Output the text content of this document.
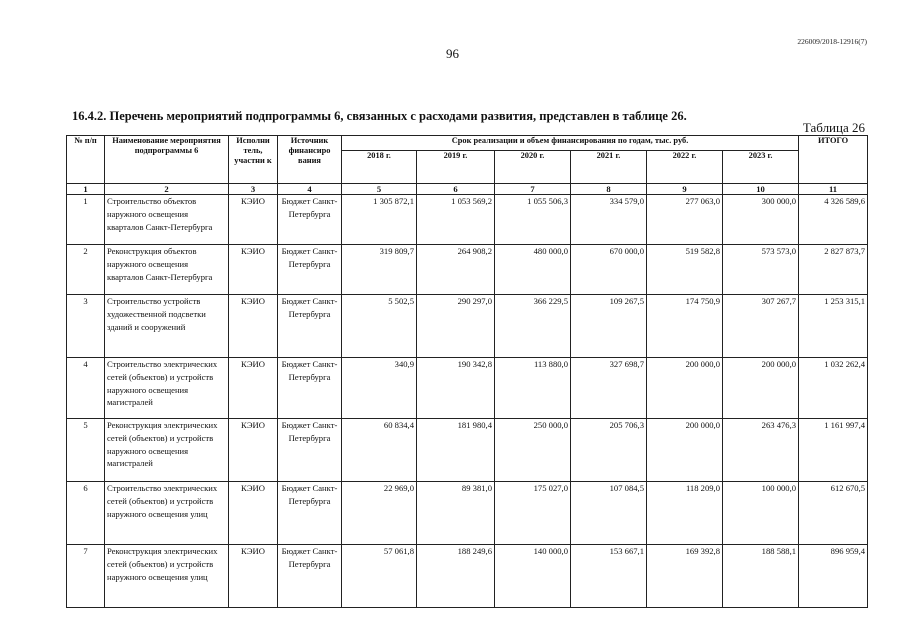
226009/2018-12916(7)
96
16.4.2. Перечень мероприятий подпрограммы 6, связанных с расходами развития, представлен в таблице 26.
Таблица 26
№ п/п	Наименование мероприятия подпрограммы 6	Исполни тель, участни к	Источник финансиро вания	Срок реализации и объем финансирования по годам, тыс. руб.						ИТОГО
				2018 г.	2019 г.	2020 г.	2021 г.	2022 г.	2023 г.	
1	2	3	4	5	6	7	8	9	10	11
1	Строительство объектов наружного освещения кварталов Санкт-Петербурга	КЭИО	Бюджет Санкт-Петербурга	1 305 872,1	1 053 569,2	1 055 506,3	334 579,0	277 063,0	300 000,0	4 326 589,6
2	Реконструкция объектов наружного освещения кварталов Санкт-Петербурга	КЭИО	Бюджет Санкт-Петербурга	319 809,7	264 908,2	480 000,0	670 000,0	519 582,8	573 573,0	2 827 873,7
3	Строительство устройств художественной подсветки зданий и сооружений	КЭИО	Бюджет Санкт-Петербурга	5 502,5	290 297,0	366 229,5	109 267,5	174 750,9	307 267,7	1 253 315,1
4	Строительство электрических сетей (объектов) и устройств наружного освещения магистралей	КЭИО	Бюджет Санкт-Петербурга	340,9	190 342,8	113 880,0	327 698,7	200 000,0	200 000,0	1 032 262,4
5	Реконструкция электрических сетей (объектов) и устройств наружного освещения магистралей	КЭИО	Бюджет Санкт-Петербурга	60 834,4	181 980,4	250 000,0	205 706,3	200 000,0	263 476,3	1 161 997,4
6	Строительство электрических сетей (объектов) и устройств наружного освещения улиц	КЭИО	Бюджет Санкт-Петербурга	22 969,0	89 381,0	175 027,0	107 084,5	118 209,0	100 000,0	612 670,5
7	Реконструкция электрических сетей (объектов) и устройств наружного освещения улиц	КЭИО	Бюджет Санкт-Петербурга	57 061,8	188 249,6	140 000,0	153 667,1	169 392,8	188 588,1	896 959,4
